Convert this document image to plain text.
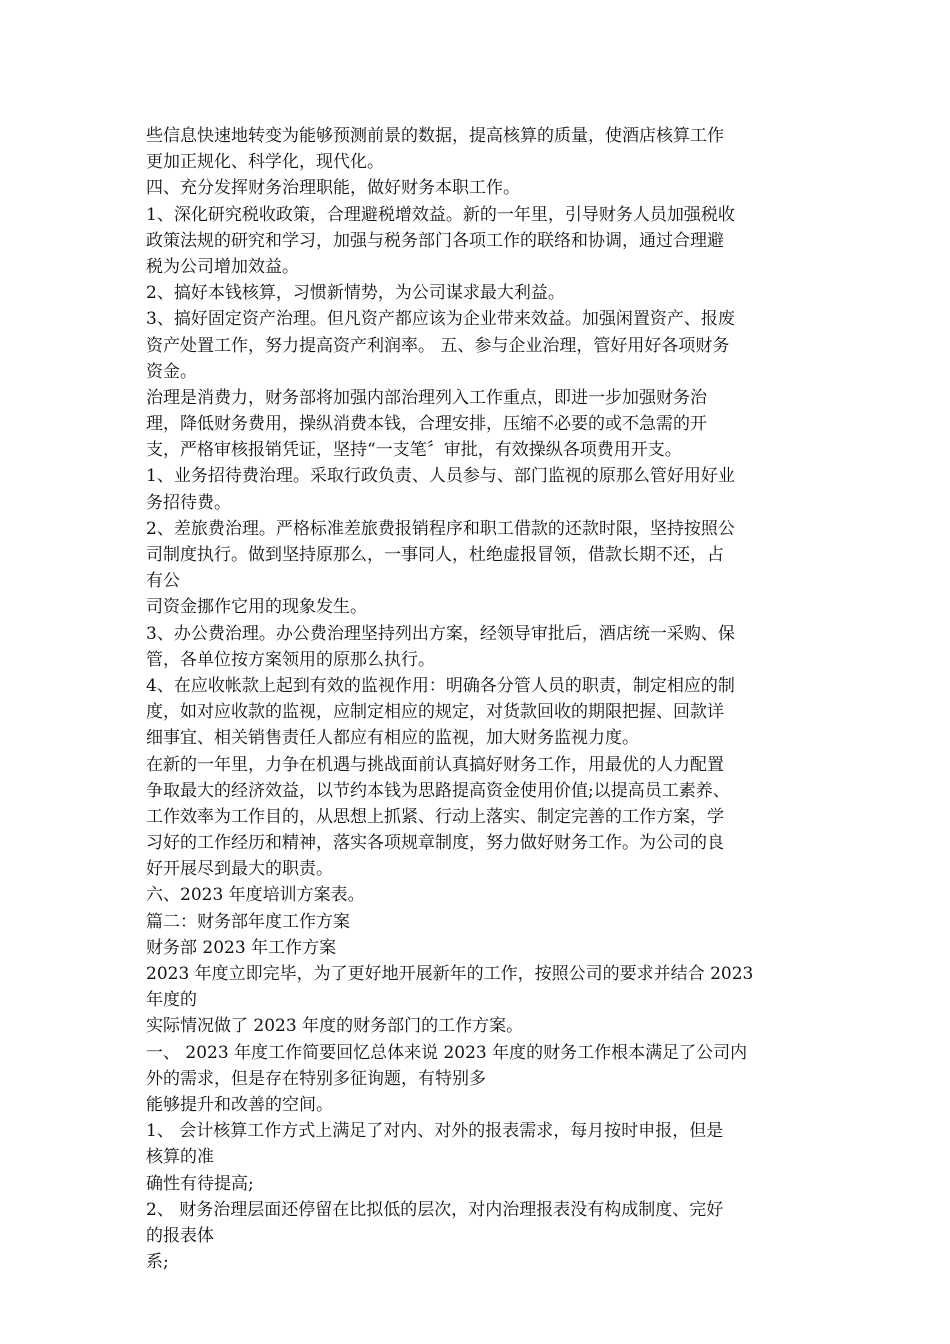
些信息快速地转变为能够预测前景的数据，提高核算的质量，使酒店核算工作
更加正规化、科学化，现代化。
四、充分发挥财务治理职能，做好财务本职工作。
1、深化研究税收政策，合理避税增效益。新的一年里，引导财务人员加强税收
政策法规的研究和学习，加强与税务部门各项工作的联络和协调，通过合理避
税为公司增加效益。
2、搞好本钱核算，习惯新情势，为公司谋求最大利益。
3、搞好固定资产治理。但凡资产都应该为企业带来效益。加强闲置资产、报废
资产处置工作，努力提高资产利润率。 五、参与企业治理，管好用好各项财务
资金。
治理是消费力，财务部将加强内部治理列入工作重点，即进一步加强财务治
理，降低财务费用，操纵消费本钱，合理安排，压缩不必要的或不急需的开
支，严格审核报销凭证，坚持“一支笔〞审批，有效操纵各项费用开支。
1、业务招待费治理。采取行政负责、人员参与、部门监视的原那么管好用好业
务招待费。
2、差旅费治理。严格标准差旅费报销程序和职工借款的还款时限，坚持按照公
司制度执行。做到坚持原那么，一事同人，杜绝虚报冒领，借款长期不还，占
有公
司资金挪作它用的现象发生。
3、办公费治理。办公费治理坚持列出方案，经领导审批后，酒店统一采购、保
管，各单位按方案领用的原那么执行。
4、在应收帐款上起到有效的监视作用：明确各分管人员的职责，制定相应的制
度，如对应收款的监视，应制定相应的规定，对货款回收的期限把握、回款详
细事宜、相关销售责任人都应有相应的监视，加大财务监视力度。
在新的一年里，力争在机遇与挑战面前认真搞好财务工作，用最优的人力配置
争取最大的经济效益，以节约本钱为思路提高资金使用价值;以提高员工素养、
工作效率为工作目的，从思想上抓紧、行动上落实、制定完善的工作方案，学
习好的工作经历和精神，落实各项规章制度，努力做好财务工作。为公司的良
好开展尽到最大的职责。
六、2023 年度培训方案表。
篇二：财务部年度工作方案
财务部 2023 年工作方案
2023 年度立即完毕，为了更好地开展新年的工作，按照公司的要求并结合 2023
年度的
实际情况做了 2023 年度的财务部门的工作方案。
一、 2023 年度工作简要回忆总体来说 2023 年度的财务工作根本满足了公司内
外的需求，但是存在特别多征询题，有特别多
能够提升和改善的空间。
1、 会计核算工作方式上满足了对内、对外的报表需求，每月按时申报，但是
核算的准
确性有待提高;
2、 财务治理层面还停留在比拟低的层次，对内治理报表没有构成制度、完好
的报表体
系;
